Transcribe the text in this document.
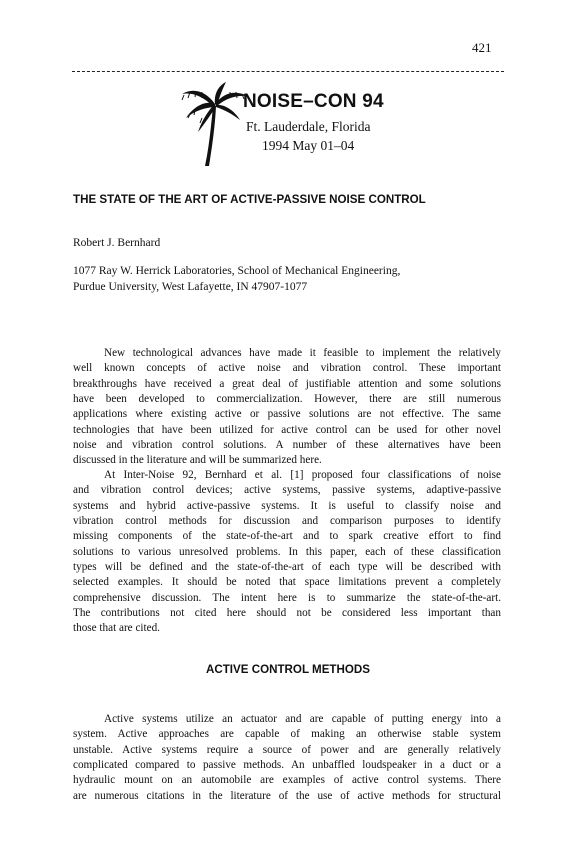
421
NOISE–CON 94
Ft. Lauderdale, Florida
1994 May 01–04
THE STATE OF THE ART OF ACTIVE-PASSIVE NOISE CONTROL
Robert J. Bernhard
1077 Ray W. Herrick Laboratories, School of Mechanical Engineering,
Purdue University, West Lafayette, IN 47907-1077
New technological advances have made it feasible to implement the relatively
well known concepts of active noise and vibration control. These important
breakthroughs have received a great deal of justifiable attention and some solutions
have been developed to commercialization. However, there are still numerous
applications where existing active or passive solutions are not effective. The same
technologies that have been utilized for active control can be used for other novel
noise and vibration control solutions. A number of these alternatives have been
discussed in the literature and will be summarized here.
At Inter-Noise 92, Bernhard et al. [1] proposed four classifications of noise
and vibration control devices; active systems, passive systems, adaptive-passive
systems and hybrid active-passive systems. It is useful to classify noise and
vibration control methods for discussion and comparison purposes to identify
missing components of the state-of-the-art and to spark creative effort to find
solutions to various unresolved problems. In this paper, each of these classification
types will be defined and the state-of-the-art of each type will be described with
selected examples. It should be noted that space limitations prevent a completely
comprehensive discussion. The intent here is to summarize the state-of-the-art.
The contributions not cited here should not be considered less important than
those that are cited.
ACTIVE CONTROL METHODS
Active systems utilize an actuator and are capable of putting energy into a
system. Active approaches are capable of making an otherwise stable system
unstable. Active systems require a source of power and are generally relatively
complicated compared to passive methods. An unbaffled loudspeaker in a duct or a
hydraulic mount on an automobile are examples of active control systems. There
are numerous citations in the literature of the use of active methods for structural
